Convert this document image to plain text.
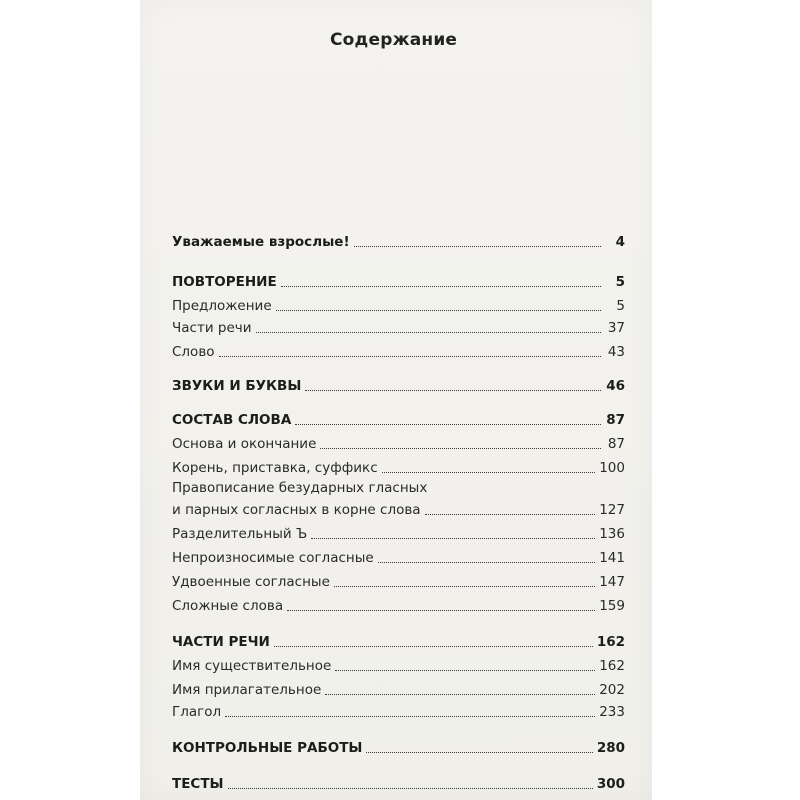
Содержание
Уважаемые взрослые!	4
ПОВТОРЕНИЕ	5
Предложение	5
Части речи	37
Слово	43
ЗВУКИ И БУКВЫ	46
СОСТАВ СЛОВА	87
Основа и окончание	87
Корень, приставка, суффикс	100
Правописание безударных гласных
и парных согласных в корне слова	127
Разделительный Ъ	136
Непроизносимые согласные	141
Удвоенные согласные	147
Сложные слова	159
ЧАСТИ РЕЧИ	162
Имя существительное	162
Имя прилагательное	202
Глагол	233
КОНТРОЛЬНЫЕ РАБОТЫ	280
ТЕСТЫ	300
